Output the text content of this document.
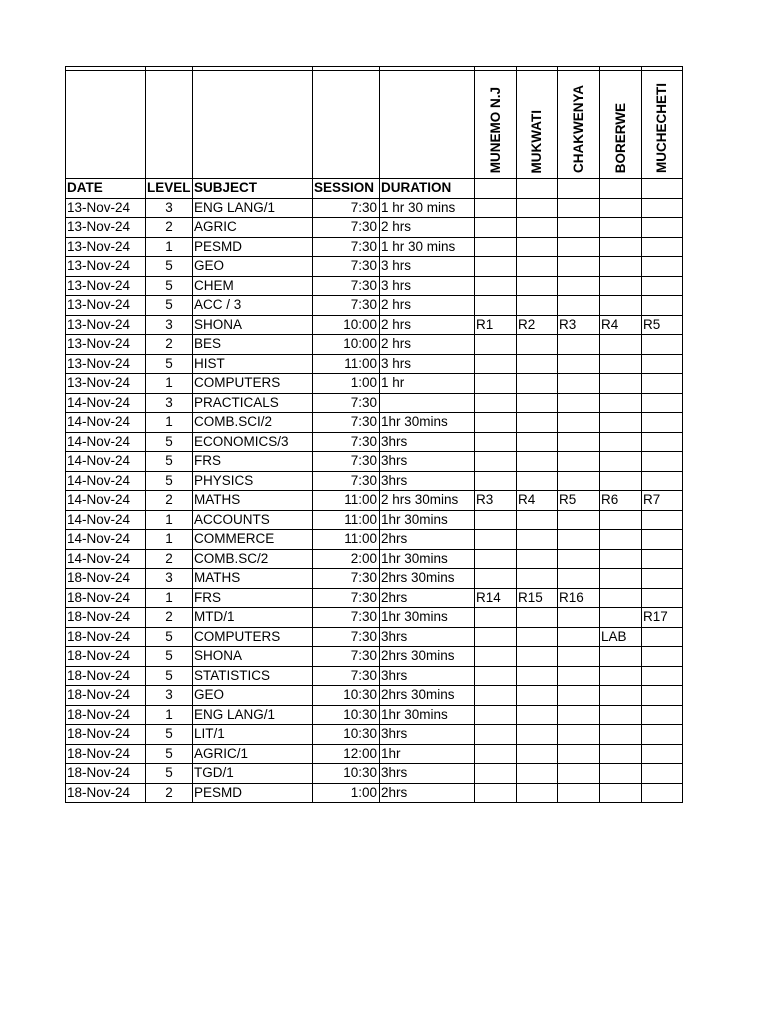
					MUNEMO N.J	MUKWATI	CHAKWENYA	BORERWE	MUCHECHETI
DATE	LEVEL	SUBJECT	SESSION	DURATION					
13-Nov-24	3	ENG LANG/1	7:30	1 hr 30 mins					
13-Nov-24	2	AGRIC	7:30	2 hrs					
13-Nov-24	1	PESMD	7:30	1 hr 30 mins					
13-Nov-24	5	GEO	7:30	3 hrs					
13-Nov-24	5	CHEM	7:30	3 hrs					
13-Nov-24	5	ACC / 3	7:30	2 hrs					
13-Nov-24	3	SHONA	10:00	2 hrs	R1	R2	R3	R4	R5
13-Nov-24	2	BES	10:00	2 hrs					
13-Nov-24	5	HIST	11:00	3 hrs					
13-Nov-24	1	COMPUTERS	1:00	1 hr					
14-Nov-24	3	PRACTICALS	7:30						
14-Nov-24	1	COMB.SCI/2	7:30	1hr 30mins					
14-Nov-24	5	ECONOMICS/3	7:30	3hrs					
14-Nov-24	5	FRS	7:30	3hrs					
14-Nov-24	5	PHYSICS	7:30	3hrs					
14-Nov-24	2	MATHS	11:00	2 hrs 30mins	R3	R4	R5	R6	R7
14-Nov-24	1	ACCOUNTS	11:00	1hr 30mins					
14-Nov-24	1	COMMERCE	11:00	2hrs					
14-Nov-24	2	COMB.SC/2	2:00	1hr 30mins					
18-Nov-24	3	MATHS	7:30	2hrs 30mins					
18-Nov-24	1	FRS	7:30	2hrs	R14	R15	R16		
18-Nov-24	2	MTD/1	7:30	1hr 30mins					R17
18-Nov-24	5	COMPUTERS	7:30	3hrs				LAB	
18-Nov-24	5	SHONA	7:30	2hrs 30mins					
18-Nov-24	5	STATISTICS	7:30	3hrs					
18-Nov-24	3	GEO	10:30	2hrs 30mins					
18-Nov-24	1	ENG LANG/1	10:30	1hr 30mins					
18-Nov-24	5	LIT/1	10:30	3hrs					
18-Nov-24	5	AGRIC/1	12:00	1hr					
18-Nov-24	5	TGD/1	10:30	3hrs					
18-Nov-24	2	PESMD	1:00	2hrs					
